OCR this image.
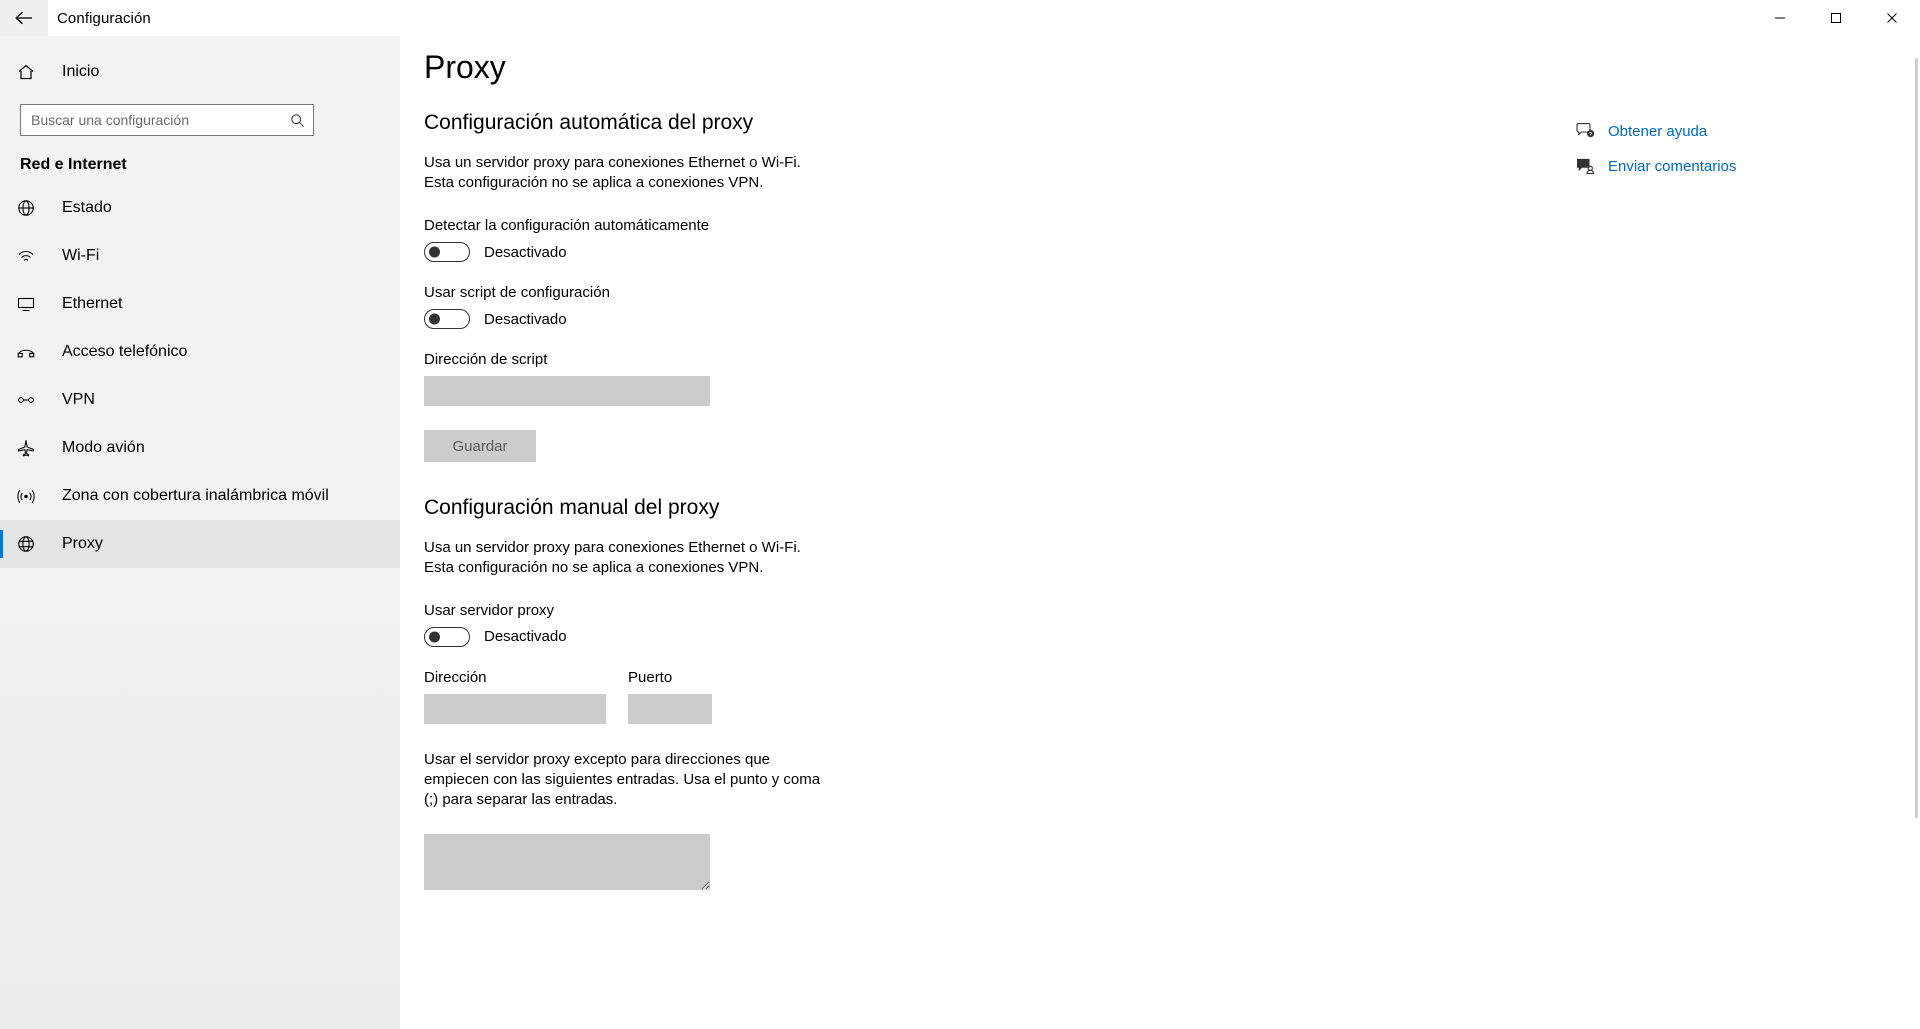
Configuración
Inicio
Buscar una configuración
Red e Internet
Estado
Wi-Fi
Ethernet
Acceso telefónico
VPN
Modo avión
Zona con cobertura inalámbrica móvil
Proxy
Proxy
Configuración automática del proxy

Usa un servidor proxy para conexiones Ethernet o Wi-Fi. Esta configuración no se aplica a conexiones VPN.

Detectar la configuración automáticamente
Desactivado
Usar script de configuración
Desactivado
Dirección de script
Guardar
Configuración manual del proxy

Usa un servidor proxy para conexiones Ethernet o Wi-Fi. Esta configuración no se aplica a conexiones VPN.

Usar servidor proxy
Desactivado
Dirección	Puerto

Usar el servidor proxy excepto para direcciones que empiecen con las siguientes entradas. Usa el punto y coma (;) para separar las entradas.

? Obtener ayuda
Enviar comentarios
